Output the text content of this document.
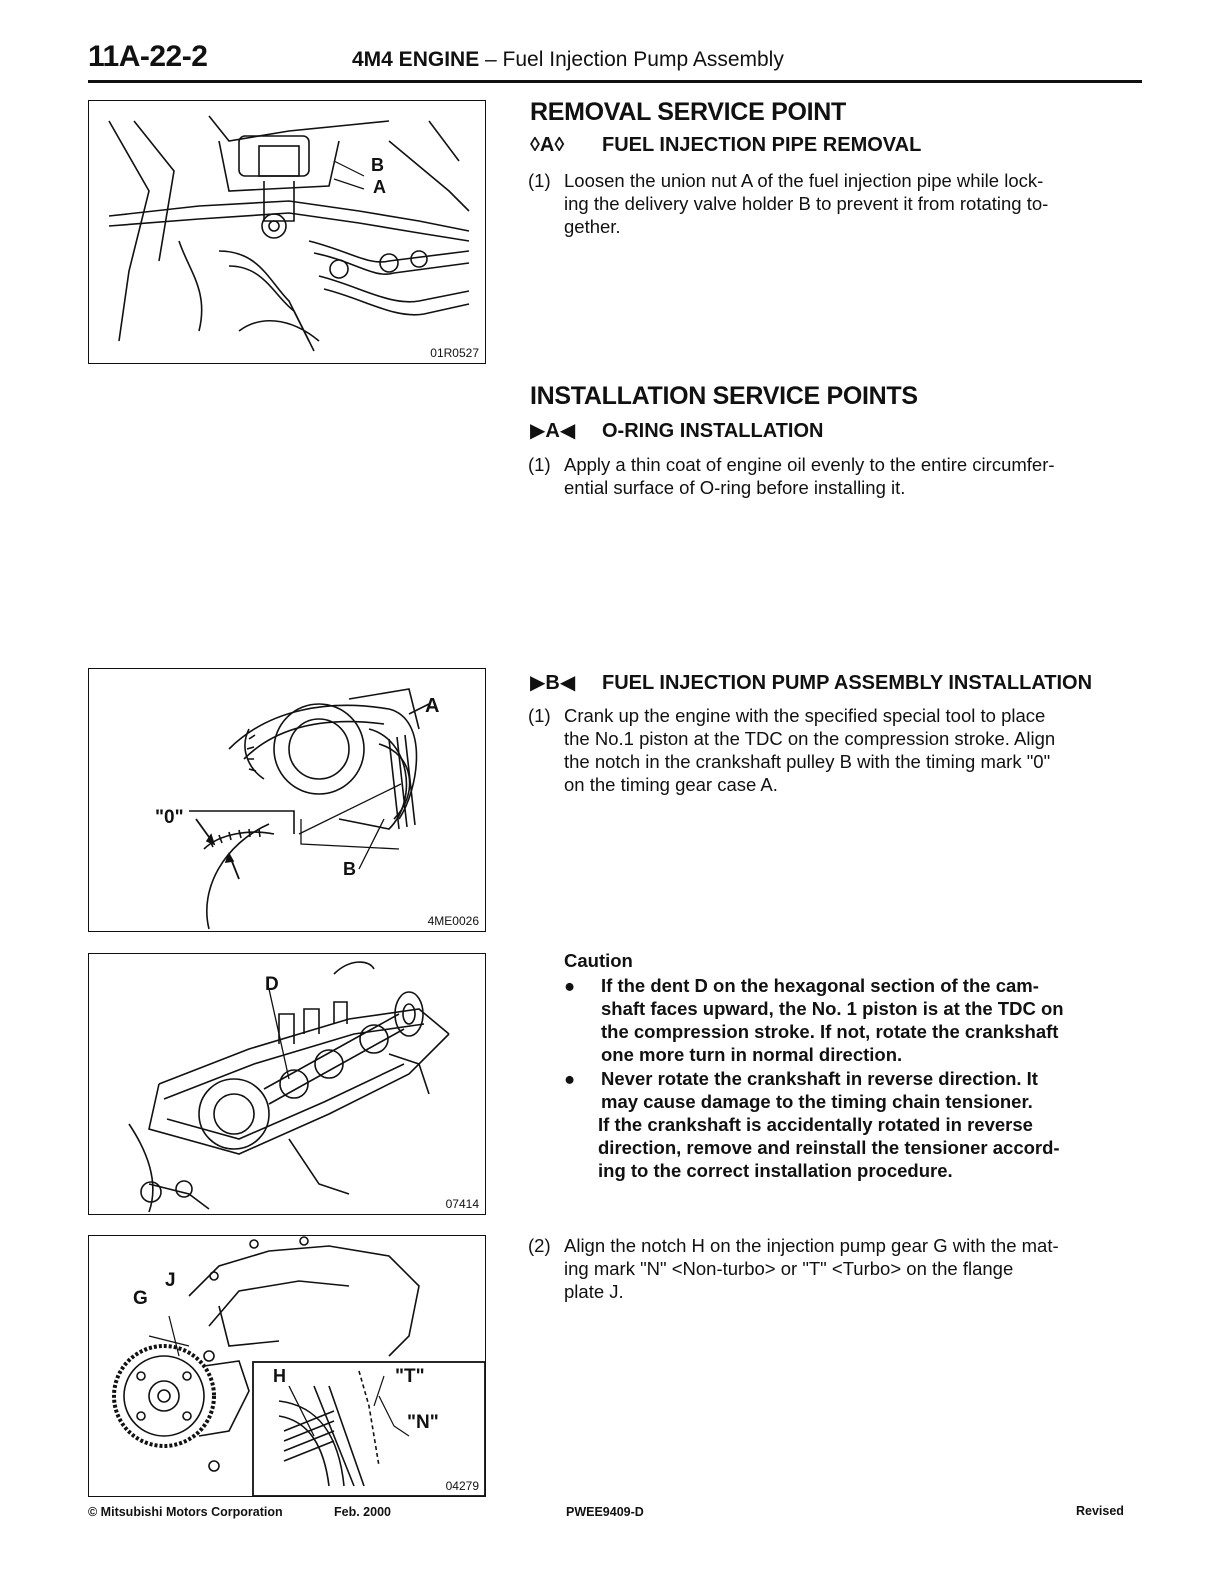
11A-22-2	4M4 ENGINE – Fuel Injection Pump Assembly
B
A
01R0527
REMOVAL SERVICE POINT
◊A◊ FUEL INJECTION PIPE REMOVAL
(1) Loosen the union nut A of the fuel injection pipe while lock-
ing the delivery valve holder B to prevent it from rotating to-
gether.
INSTALLATION SERVICE POINTS
▶A◀ O-RING INSTALLATION
(1) Apply a thin coat of engine oil evenly to the entire circumfer-
ential surface of O-ring before installing it.
A
B
"0"
4ME0026
▶B◀ FUEL INJECTION PUMP ASSEMBLY INSTALLATION
(1) Crank up the engine with the specified special tool to place
the No.1 piston at the TDC on the compression stroke. Align
the notch in the crankshaft pulley B with the timing mark "0"
on the timing gear case A.
D
07414
Caution
● If the dent D on the hexagonal section of the cam-
shaft faces upward, the No. 1 piston is at the TDC on
the compression stroke. If not, rotate the crankshaft
one more turn in normal direction.
● Never rotate the crankshaft in reverse direction. It
may cause damage to the timing chain tensioner.
If the crankshaft is accidentally rotated in reverse
direction, remove and reinstall the tensioner accord-
ing to the correct installation procedure.
G
J
H	"T"
"N"
04279
(2) Align the notch H on the injection pump gear G with the mat-
ing mark "N" <Non-turbo> or "T" <Turbo> on the flange
plate J.
© Mitsubishi Motors Corporation	Feb. 2000	PWEE9409-D	Revised
